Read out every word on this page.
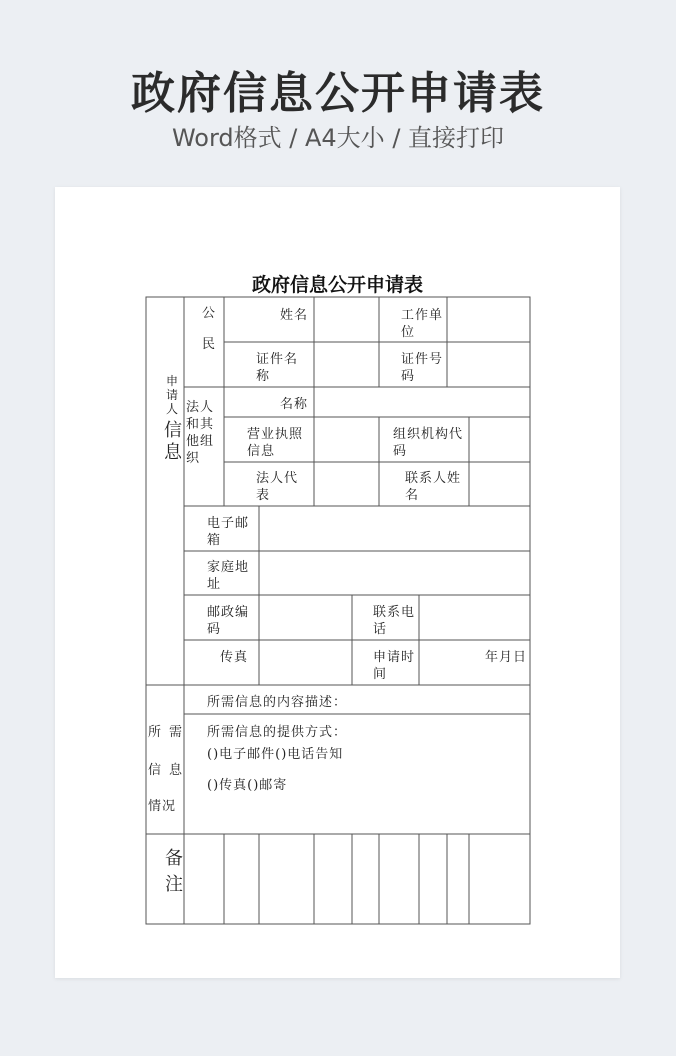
政府信息公开申请表
Word格式 / A4大小 / 直接打印
政府信息公开申请表
申请人
信息
公
民
姓名	工作单位
证件名称
证件号码
法人和其他组织
名称
营业执照信息
组织机构代码
法人代表
联系人姓名
电子邮箱
家庭地址
邮政编码
联系电话
传真	申请时间
年月日
所 需
信 息
情况
所需信息的内容描述：
所需信息的提供方式：
()电子邮件()电话告知
()传真()邮寄
备
注
